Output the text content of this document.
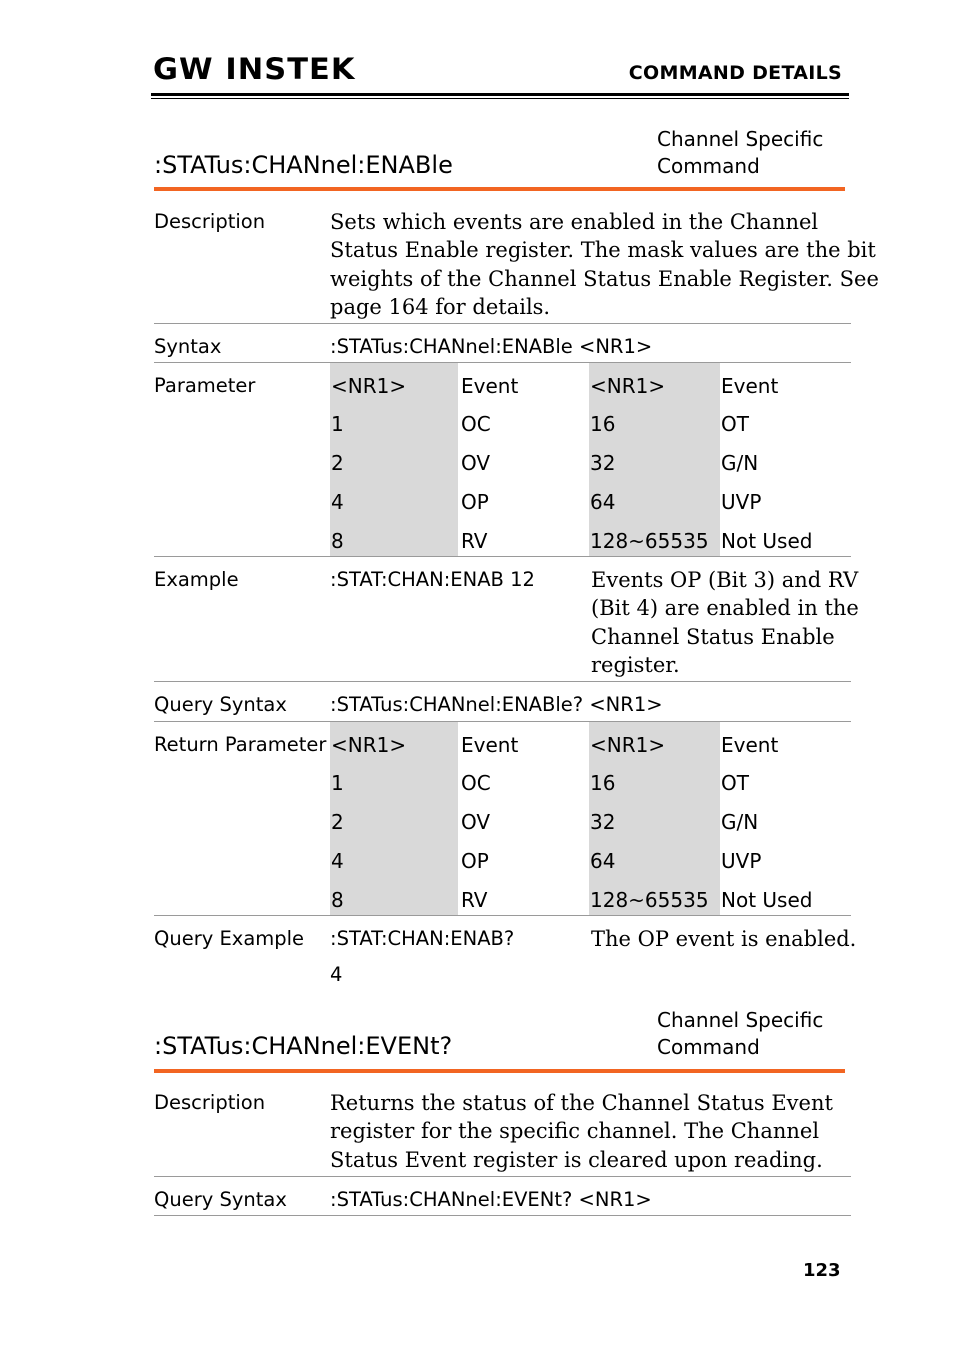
GW INSTEK	COMMAND DETAILS
:STATus:CHANnel:ENABle
Channel Specific
Command
Description	Sets which events are enabled in the Channel
Status Enable register. The mask values are the bit
weights of the Channel Status Enable Register. See
page 164 for details.
Syntax	:STATus:CHANnel:ENABle <NR1>
Parameter	<NR1>	Event	<NR1>	Event
1	OC	16	OT
2	OV	32	G/N
4	OP	64	UVP
8	RV	128~65535 Not Used
Example	:STAT:CHAN:ENAB 12	Events OP (Bit 3) and RV
(Bit 4) are enabled in the
Channel Status Enable
register.
Query Syntax :STATus:CHANnel:ENABle? <NR1>
Return Parameter <NR1>	Event	<NR1>	Event
1	OC	16	OT
2	OV	32	G/N
4	OP	64	UVP
8	RV	128~65535 Not Used
Query Example :STAT:CHAN:ENAB?
4
The OP event is enabled.
:STATus:CHANnel:EVENt?
Channel Specific
Command
Description	Returns the status of the Channel Status Event
register for the specific channel. The Channel
Status Event register is cleared upon reading.
Query Syntax :STATus:CHANnel:EVENt? <NR1>
123
